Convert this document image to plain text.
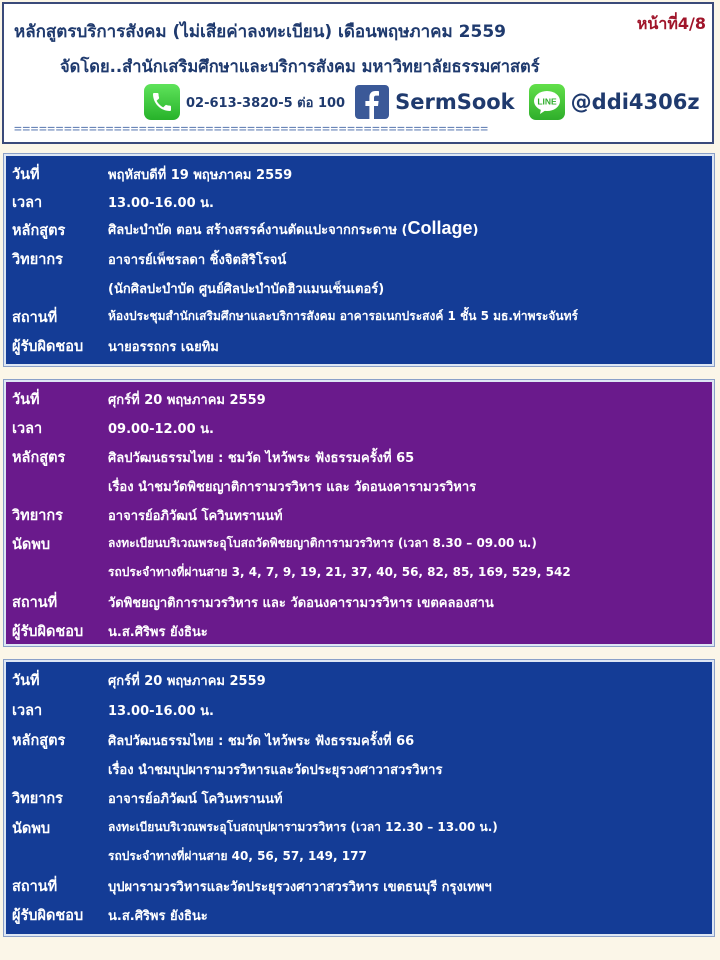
หลักสูตรบริการสังคม (ไม่เสียค่าลงทะเบียน) เดือนพฤษภาคม 2559	หน้าที่4/8
จัดโดย..สำนักเสริมศึกษาและบริการสังคม มหาวิทยาลัยธรรมศาสตร์
02-613-3820-5 ต่อ 100 SermSook	LINE @ddi4306z
=========================================================
วันที่	พฤหัสบดีที่ 19 พฤษภาคม 2559
เวลา	13.00-16.00 น.
หลักสูตร	ศิลปะบำบัด ตอน สร้างสรรค์งานตัดแปะจากกระดาษ (Collage)
วิทยากร	อาจารย์เพ็ชรลดา ชิ้งจิตสิริโรจน์
(นักศิลปะบำบัด ศูนย์ศิลปะบำบัดฮิวแมนเซ็นเตอร์)
สถานที่	ห้องประชุมสำนักเสริมศึกษาและบริการสังคม อาคารอเนกประสงค์ 1 ชั้น 5 มธ.ท่าพระจันทร์
ผู้รับผิดชอบ นายอรรถกร เฉยทิม
วันที่	ศุกร์ที่ 20 พฤษภาคม 2559
เวลา	09.00-12.00 น.
หลักสูตร	ศิลปวัฒนธรรมไทย : ชมวัด ไหว้พระ ฟังธรรมครั้งที่ 65
เรื่อง นำชมวัดพิชยญาติการามวรวิหาร และ วัดอนงคารามวรวิหาร
วิทยากร	อาจารย์อภิวัฒน์ โควินทรานนท์
นัดพบ	ลงทะเบียนบริเวณพระอุโบสถวัดพิชยญาติการามวรวิหาร (เวลา 8.30 – 09.00 น.)
รถประจำทางที่ผ่านสาย 3, 4, 7, 9, 19, 21, 37, 40, 56, 82, 85, 169, 529, 542
สถานที่	วัดพิชยญาติการามวรวิหาร และ วัดอนงคารามวรวิหาร เขตคลองสาน
ผู้รับผิดชอบ น.ส.ศิริพร ยังธินะ
วันที่	ศุกร์ที่ 20 พฤษภาคม 2559
เวลา	13.00-16.00 น.
หลักสูตร	ศิลปวัฒนธรรมไทย : ชมวัด ไหว้พระ ฟังธรรมครั้งที่ 66
เรื่อง นำชมบุปผารามวรวิหารและวัดประยุรวงศาวาสวรวิหาร
วิทยากร	อาจารย์อภิวัฒน์ โควินทรานนท์
นัดพบ	ลงทะเบียนบริเวณพระอุโบสถบุปผารามวรวิหาร (เวลา 12.30 – 13.00 น.)
รถประจำทางที่ผ่านสาย 40, 56, 57, 149, 177
สถานที่	บุปผารามวรวิหารและวัดประยุรวงศาวาสวรวิหาร เขตธนบุรี กรุงเทพฯ
ผู้รับผิดชอบ น.ส.ศิริพร ยังธินะ
